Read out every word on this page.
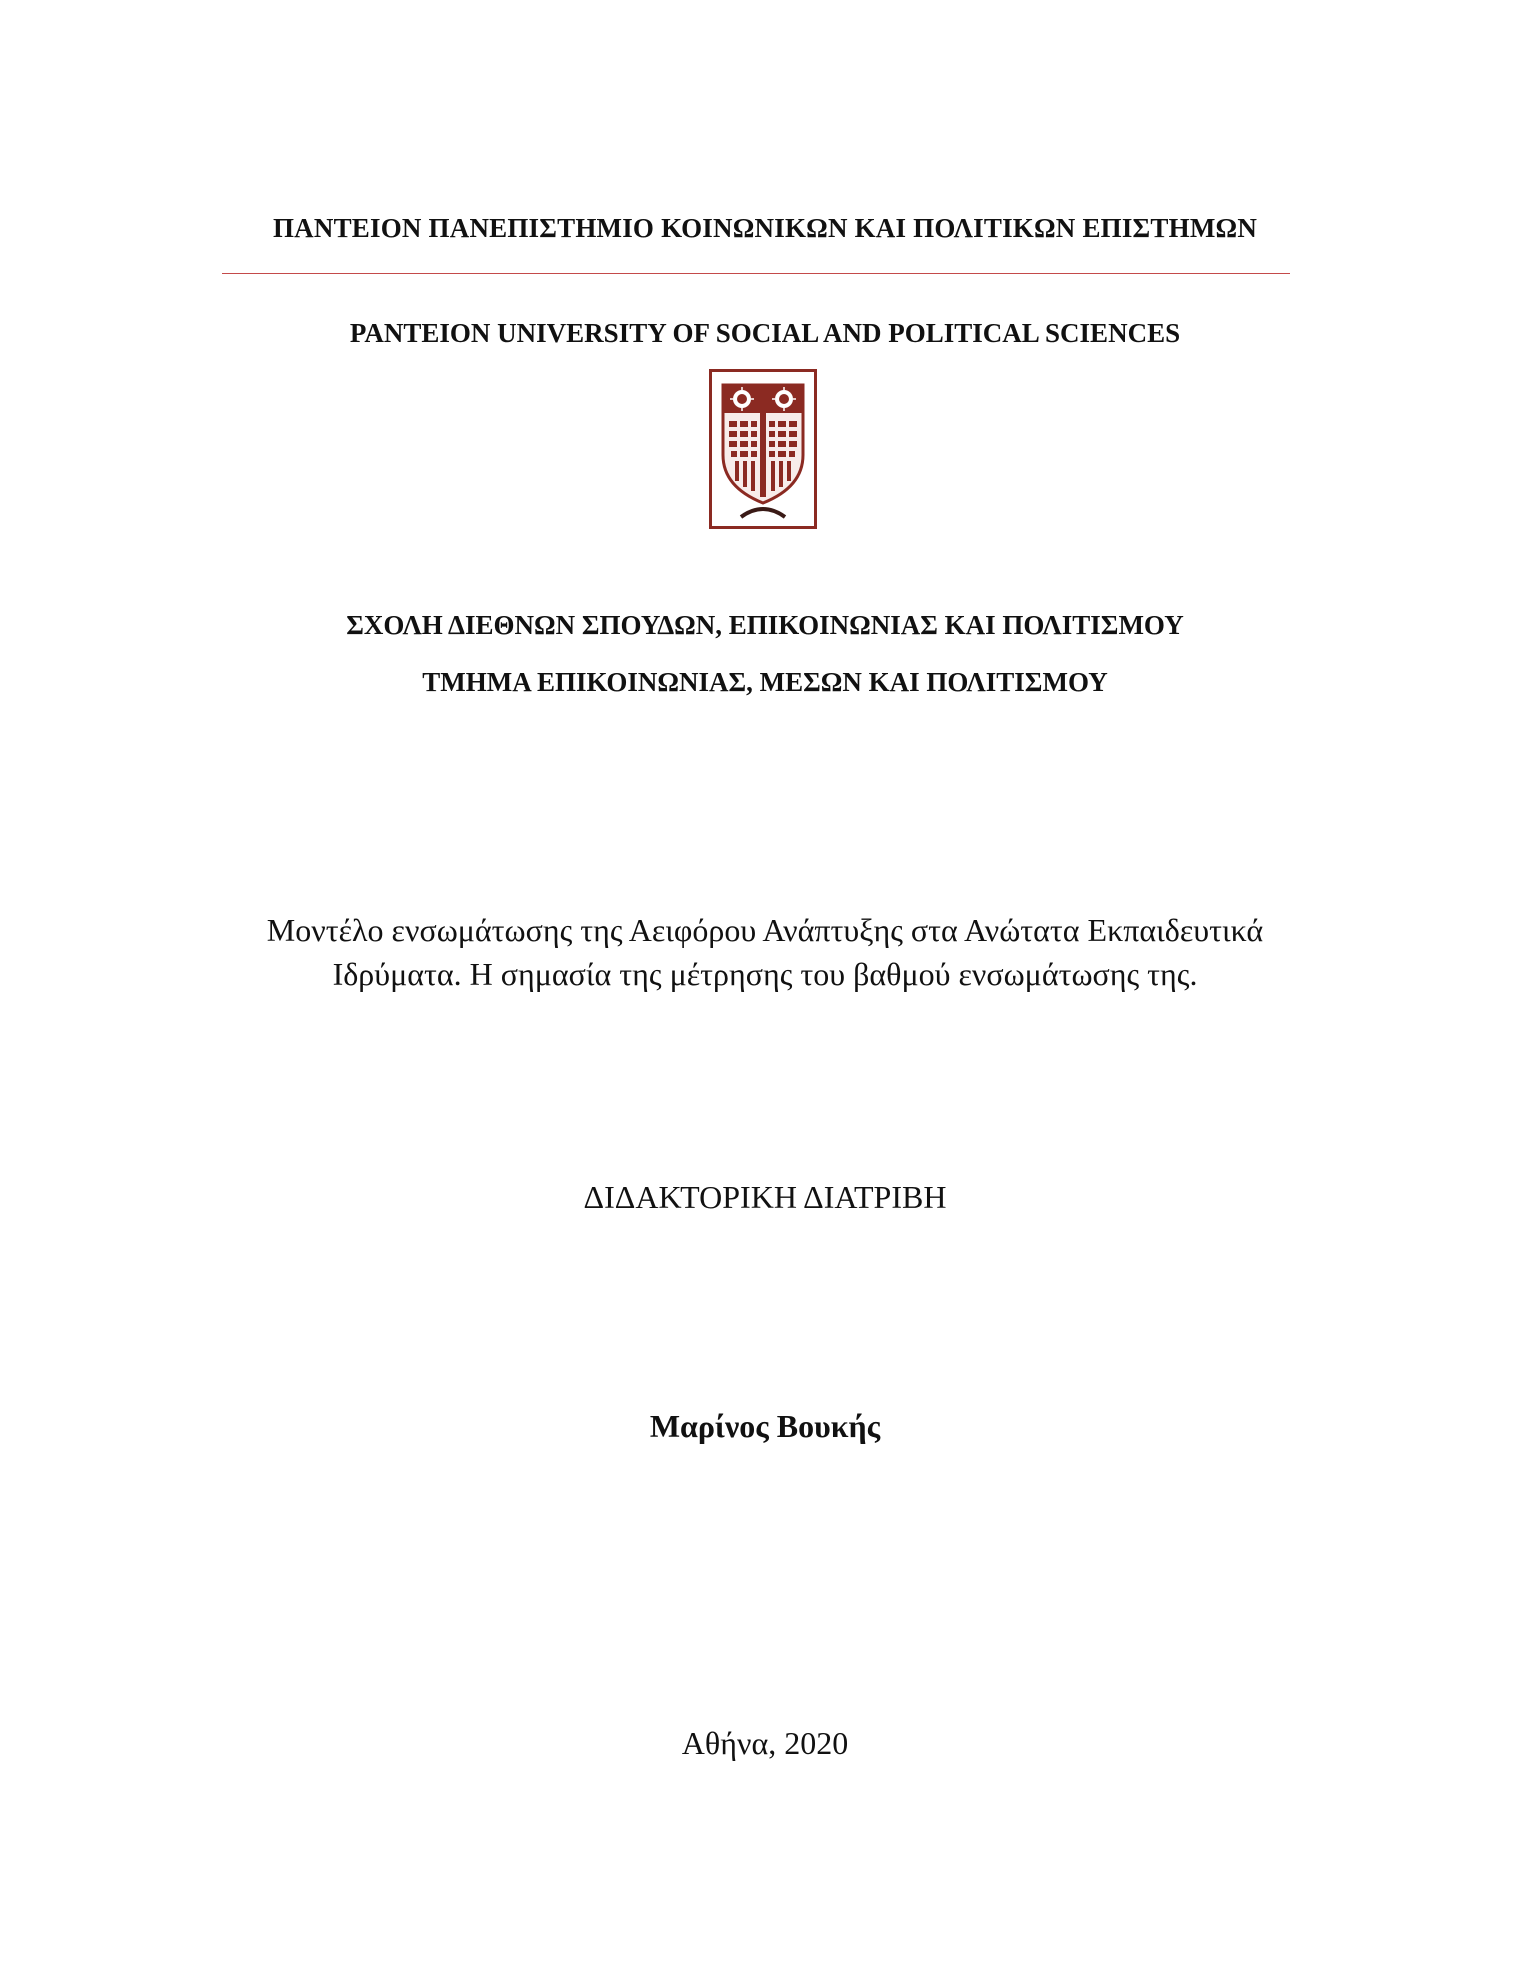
ΠΑΝΤΕΙΟΝ ΠΑΝΕΠΙΣΤΗΜΙΟ ΚΟΙΝΩΝΙΚΩΝ ΚΑΙ ΠΟΛΙΤΙΚΩΝ ΕΠΙΣΤΗΜΩΝ
PANTEION UNIVERSITY OF SOCIAL AND POLITICAL SCIENCES
ΣΧΟΛΗ ΔΙΕΘΝΩΝ ΣΠΟΥΔΩΝ, ΕΠΙΚΟΙΝΩΝΙΑΣ ΚΑΙ ΠΟΛΙΤΙΣΜΟΥ
ΤΜΗΜΑ ΕΠΙΚΟΙΝΩΝΙΑΣ, ΜΕΣΩΝ ΚΑΙ ΠΟΛΙΤΙΣΜΟΥ
Μοντέλο ενσωμάτωσης της Αειφόρου Ανάπτυξης στα Ανώτατα Εκπαιδευτικά
Ιδρύματα. Η σημασία της μέτρησης του βαθμού ενσωμάτωσης της.
ΔΙΔΑΚΤΟΡΙΚΗ ΔΙΑΤΡΙΒΗ
Μαρίνος Βουκής
Αθήνα, 2020
